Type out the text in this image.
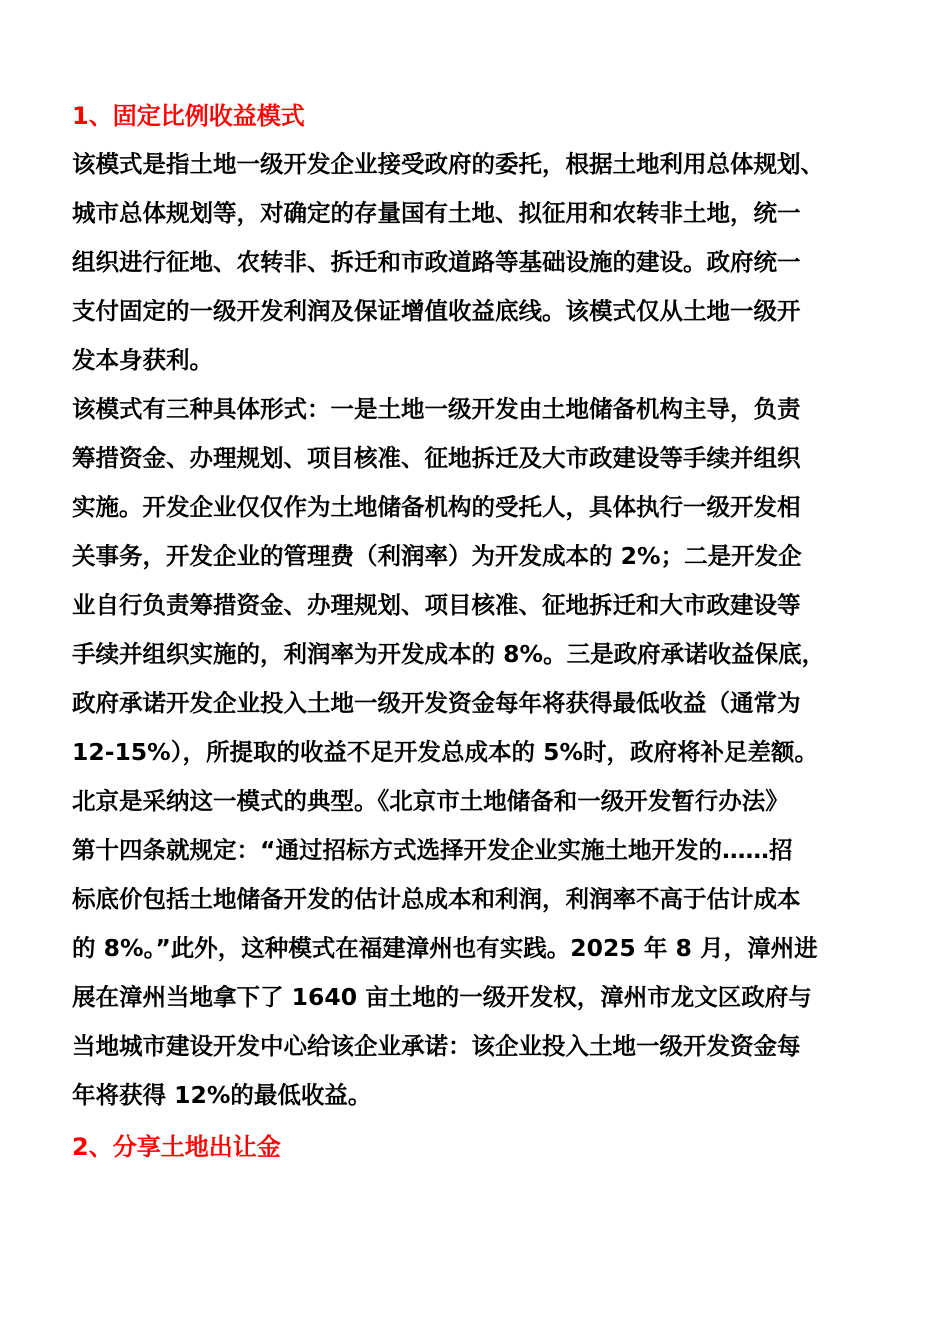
1、固定比例收益模式
该模式是指土地一级开发企业接受政府的委托，根据土地利用总体规划、
城市总体规划等，对确定的存量国有土地、拟征用和农转非土地，统一
组织进行征地、农转非、拆迁和市政道路等基础设施的建设。政府统一
支付固定的一级开发利润及保证增值收益底线。该模式仅从土地一级开
发本身获利。
该模式有三种具体形式：一是土地一级开发由土地储备机构主导，负责
筹措资金、办理规划、项目核准、征地拆迁及大市政建设等手续并组织
实施。开发企业仅仅作为土地储备机构的受托人，具体执行一级开发相
关事务，开发企业的管理费（利润率）为开发成本的 2%；二是开发企
业自行负责筹措资金、办理规划、项目核准、征地拆迁和大市政建设等
手续并组织实施的，利润率为开发成本的 8%。三是政府承诺收益保底，
政府承诺开发企业投入土地一级开发资金每年将获得最低收益（通常为
12-15%），所提取的收益不足开发总成本的 5%时，政府将补足差额。
北京是采纳这一模式的典型。《北京市土地储备和一级开发暂行办法》
第十四条就规定：“通过招标方式选择开发企业实施土地开发的……招
标底价包括土地储备开发的估计总成本和利润，利润率不高于估计成本
的 8%。”此外，这种模式在福建漳州也有实践。2025 年 8 月，漳州进
展在漳州当地拿下了 1640 亩土地的一级开发权，漳州市龙文区政府与
当地城市建设开发中心给该企业承诺：该企业投入土地一级开发资金每
年将获得 12%的最低收益。
2、分享土地出让金
